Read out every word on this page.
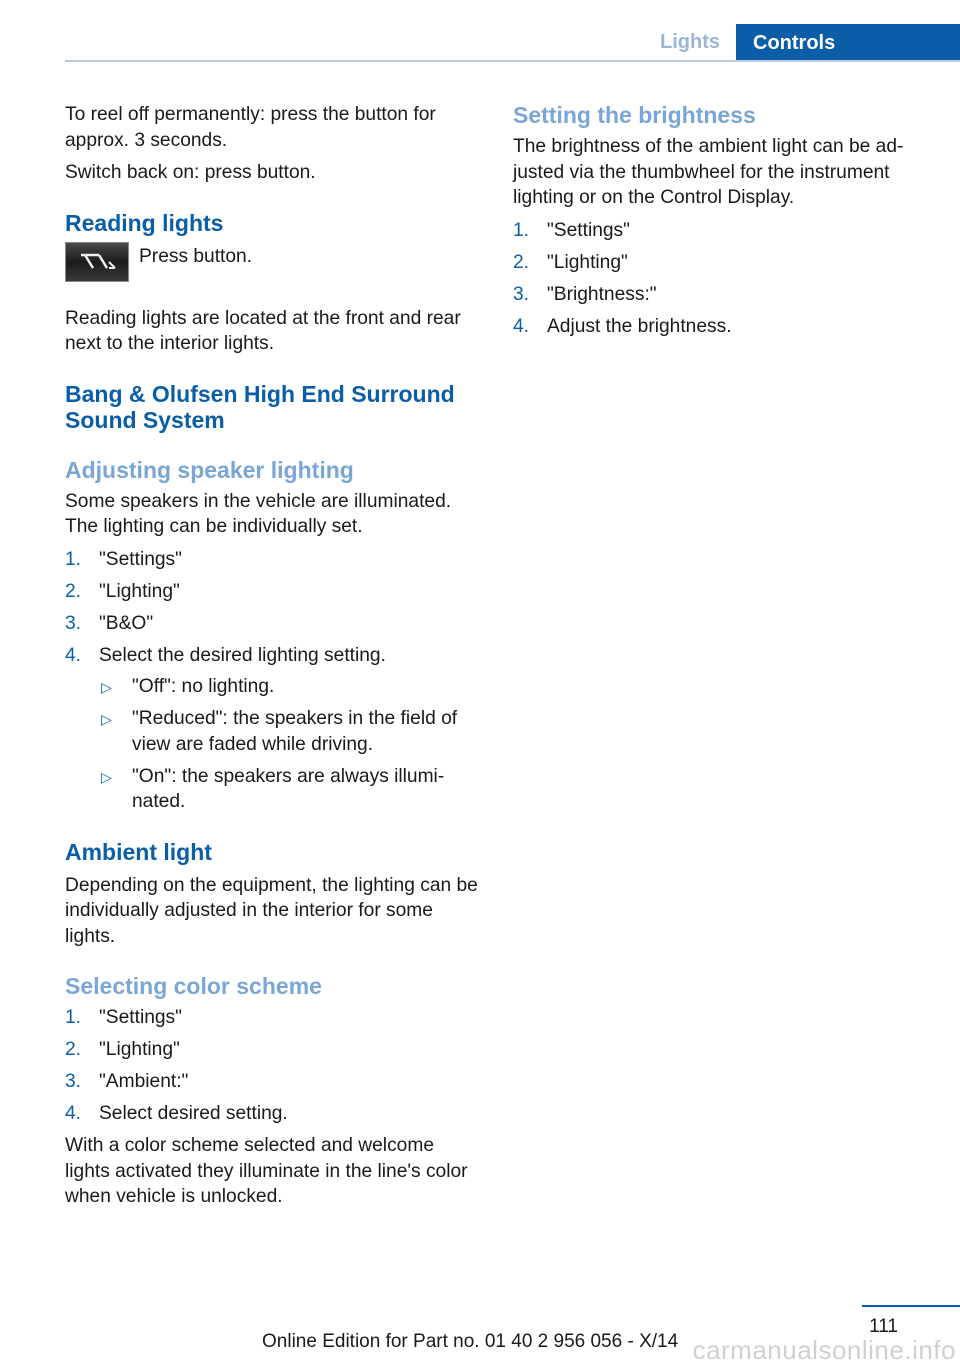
Lights	Controls

To reel off permanently: press the button for approx. 3 seconds.

Switch back on: press button.

Reading lights
Press button.

Reading lights are located at the front and rear next to the interior lights.

Bang & Olufsen High End Surround Sound System
Adjusting speaker lighting

Some speakers in the vehicle are illuminated. The lighting can be individually set.

1. "Settings"
2. "Lighting"
3. "B&O"
4. Select the desired lighting setting.
▷ "Off": no lighting.
▷ "Reduced": the speakers in the field of view are faded while driving.
▷ "On": the speakers are always illumi- nated.
Ambient light

Depending on the equipment, the lighting can be individually adjusted in the interior for some lights.

Selecting color scheme
1. "Settings"
2. "Lighting"
3. "Ambient:"
4. Select desired setting.

With a color scheme selected and welcome lights activated they illuminate in the line's color when vehicle is unlocked.

Setting the brightness

The brightness of the ambient light can be ad- justed via the thumbwheel for the instrument lighting or on the Control Display.

1. "Settings"
2. "Lighting"
3. "Brightness:"
4. Adjust the brightness.
111
Online Edition for Part no. 01 40 2 956 056 - X/14 carmanualsonline.info
